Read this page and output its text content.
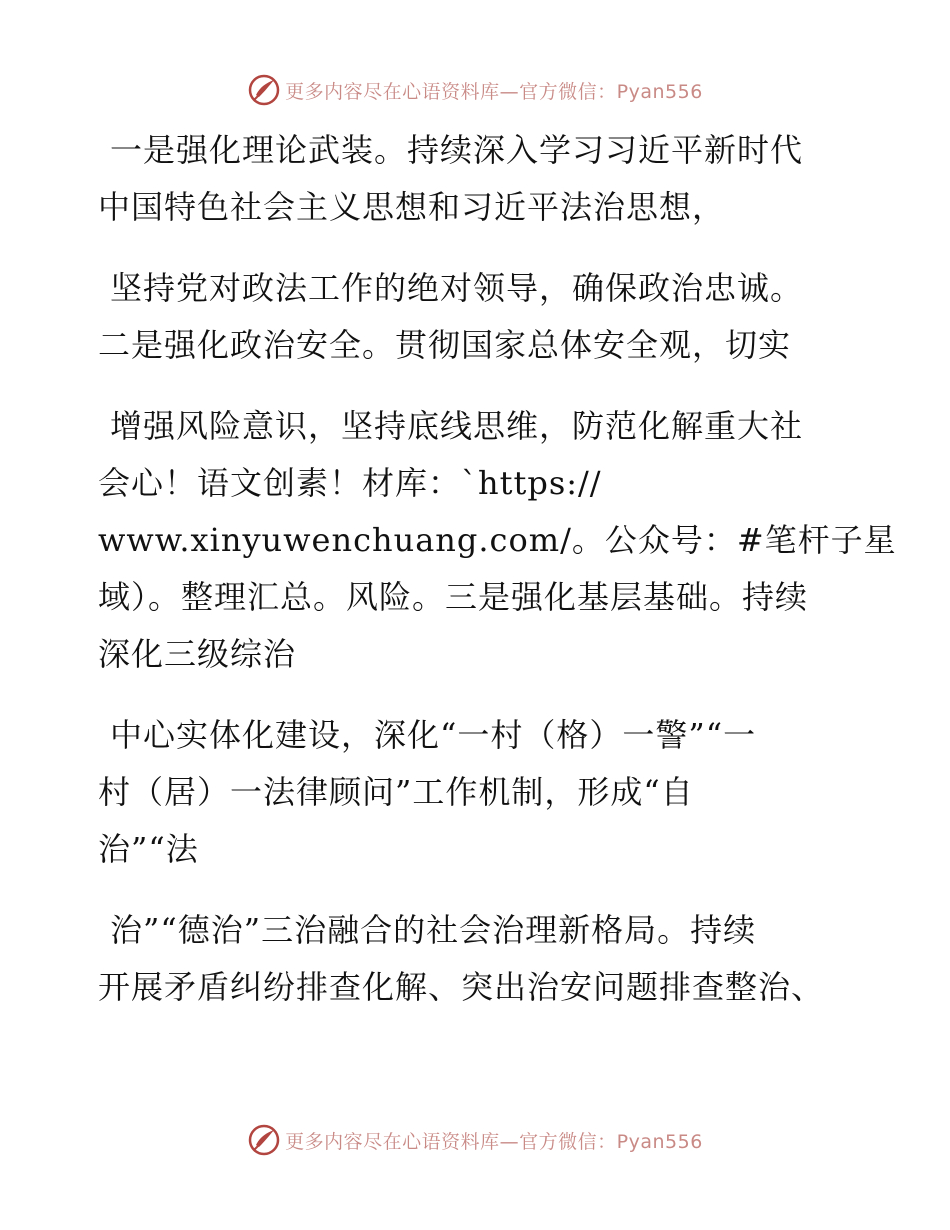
更多内容尽在心语资料库—官方微信：Pyan556

一是强化理论武装。持续深入学习习近平新时代
中国特色社会主义思想和习近平法治思想，

坚持党对政法工作的绝对领导，确保政治忠诚。
二是强化政治安全。贯彻国家总体安全观，切实

增强风险意识，坚持底线思维，防范化解重大社
会心！语文创素！材库：`https://
www.xinyuwenchuang.com/。公众号：#笔杆子星
域）。整理汇总。风险。三是强化基层基础。持续
深化三级综治

中心实体化建设，深化“一村（格）一警”“一
村（居）一法律顾问”工作机制，形成“自
治”“法

治”“德治”三治融合的社会治理新格局。持续
开展矛盾纠纷排查化解、突出治安问题排查整治、

更多内容尽在心语资料库—官方微信：Pyan556
